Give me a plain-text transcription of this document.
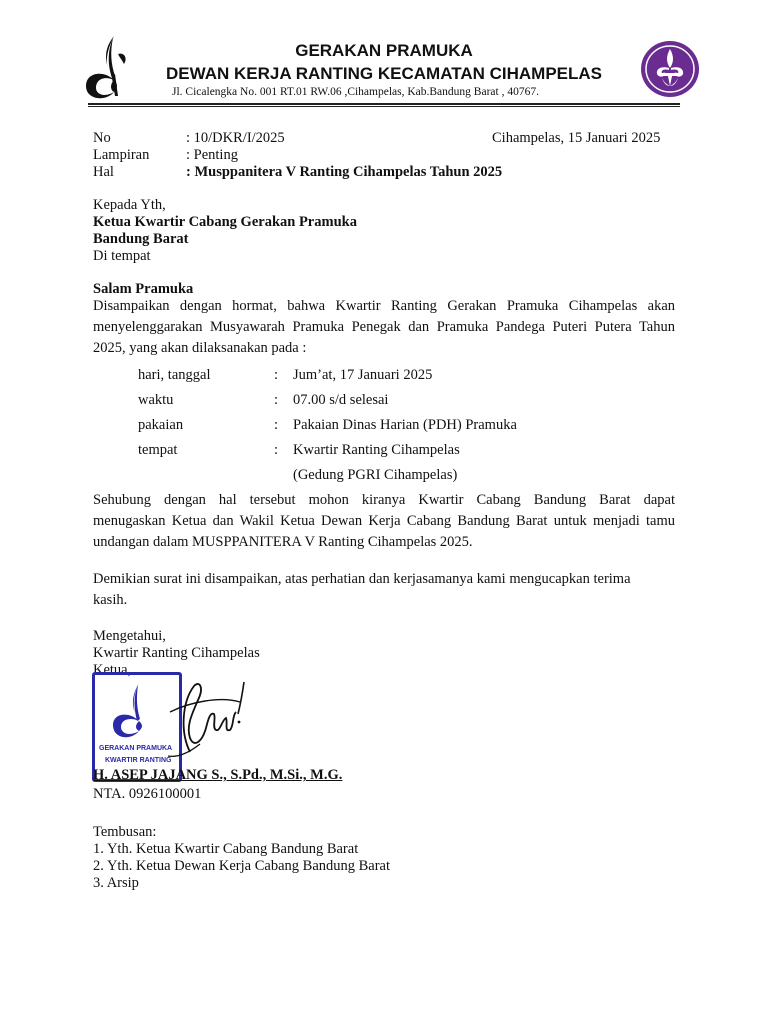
GERAKAN PRAMUKA
DEWAN KERJA RANTING KECAMATAN CIHAMPELAS
Jl. Cicalengka No. 001 RT.01 RW.06 ,Cihampelas, Kab.Bandung Barat , 40767.
No	: 10/DKR/I/2025	Cihampelas, 15 Januari 2025
Lampiran	: Penting
Hal	: Musppanitera V Ranting Cihampelas Tahun 2025
Kepada Yth,
Ketua Kwartir Cabang Gerakan Pramuka
Bandung Barat
Di tempat
Salam Pramuka
Disampaikan dengan hormat, bahwa Kwartir Ranting Gerakan Pramuka Cihampelas akan
menyelenggarakan Musyawarah Pramuka Penegak dan Pramuka Pandega Puteri Putera Tahun
2025, yang akan dilaksanakan pada :
hari, tanggal	: Jum’at, 17 Januari 2025
waktu	: 07.00 s/d selesai
pakaian	: Pakaian Dinas Harian (PDH) Pramuka
tempat	: Kwartir Ranting Cihampelas
(Gedung PGRI Cihampelas)
Sehubung dengan hal tersebut mohon kiranya Kwartir Cabang Bandung Barat dapat
menugaskan Ketua dan Wakil Ketua Dewan Kerja Cabang Bandung Barat untuk menjadi tamu
undangan dalam MUSPPANITERA V Ranting Cihampelas 2025.
Demikian surat ini disampaikan, atas perhatian dan kerjasamanya kami mengucapkan terima
kasih.
Mengetahui,
Kwartir Ranting Cihampelas
Ketua,
GERAKAN PRAMUKA
KWARTIR RANTING
H. ASEP JAJANG S., S.Pd., M.Si., M.G.
NTA. 0926100001
Tembusan:
1. Yth. Ketua Kwartir Cabang Bandung Barat
2. Yth. Ketua Dewan Kerja Cabang Bandung Barat
3. Arsip
